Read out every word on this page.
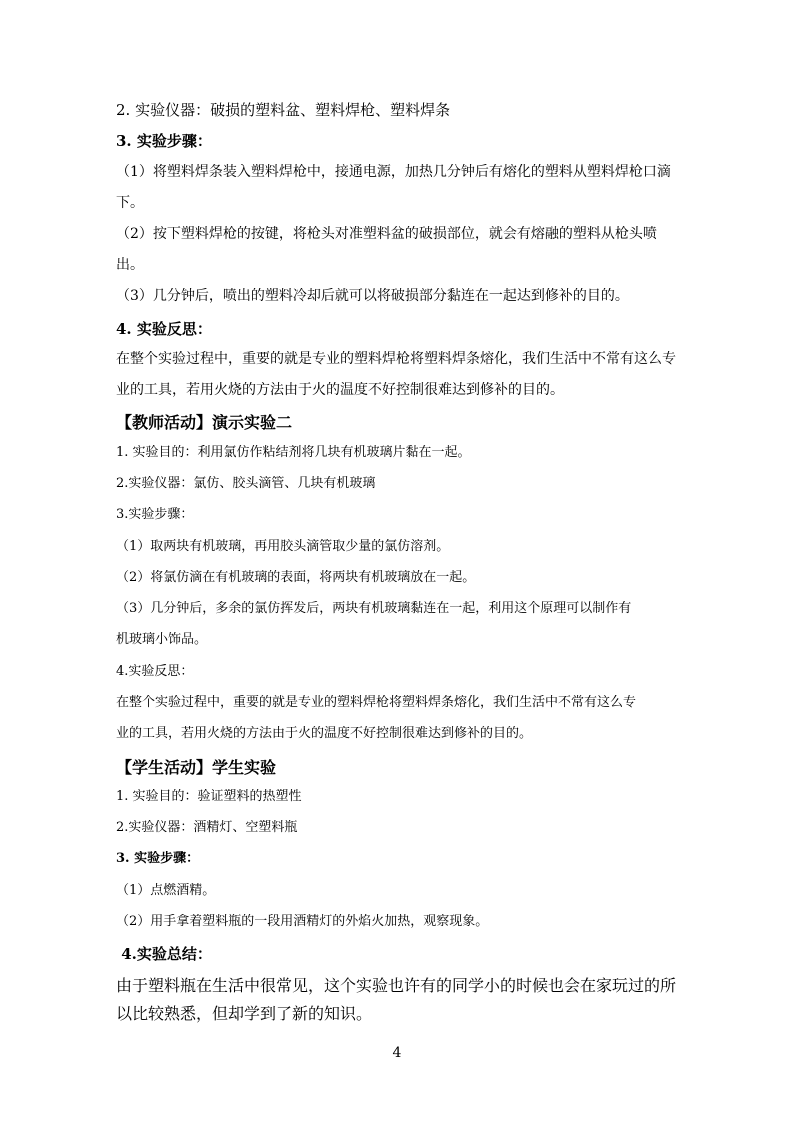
2. 实验仪器：破损的塑料盆、塑料焊枪、塑料焊条
3. 实验步骤：
（1）将塑料焊条装入塑料焊枪中，接通电源，加热几分钟后有熔化的塑料从塑料焊枪口滴
下。
（2）按下塑料焊枪的按键，将枪头对准塑料盆的破损部位，就会有熔融的塑料从枪头喷
出。
（3）几分钟后，喷出的塑料冷却后就可以将破损部分黏连在一起达到修补的目的。
4. 实验反思：
在整个实验过程中，重要的就是专业的塑料焊枪将塑料焊条熔化，我们生活中不常有这么专
业的工具，若用火烧的方法由于火的温度不好控制很难达到修补的目的。
【教师活动】演示实验二
1. 实验目的：利用氯仿作粘结剂将几块有机玻璃片黏在一起。
2.实验仪器：氯仿、胶头滴管、几块有机玻璃
3.实验步骤：
（1）取两块有机玻璃，再用胶头滴管取少量的氯仿溶剂。
（2）将氯仿滴在有机玻璃的表面，将两块有机玻璃放在一起。
（3）几分钟后，多余的氯仿挥发后，两块有机玻璃黏连在一起，利用这个原理可以制作有
机玻璃小饰品。
4.实验反思：
在整个实验过程中，重要的就是专业的塑料焊枪将塑料焊条熔化，我们生活中不常有这么专
业的工具，若用火烧的方法由于火的温度不好控制很难达到修补的目的。
【学生活动】学生实验
1. 实验目的：验证塑料的热塑性
2.实验仪器：酒精灯、空塑料瓶
3. 实验步骤：
（1）点燃酒精。
（2）用手拿着塑料瓶的一段用酒精灯的外焰火加热，观察现象。
4.实验总结：
由于塑料瓶在生活中很常见，这个实验也许有的同学小的时候也会在家玩过的所
以比较熟悉，但却学到了新的知识。
4
